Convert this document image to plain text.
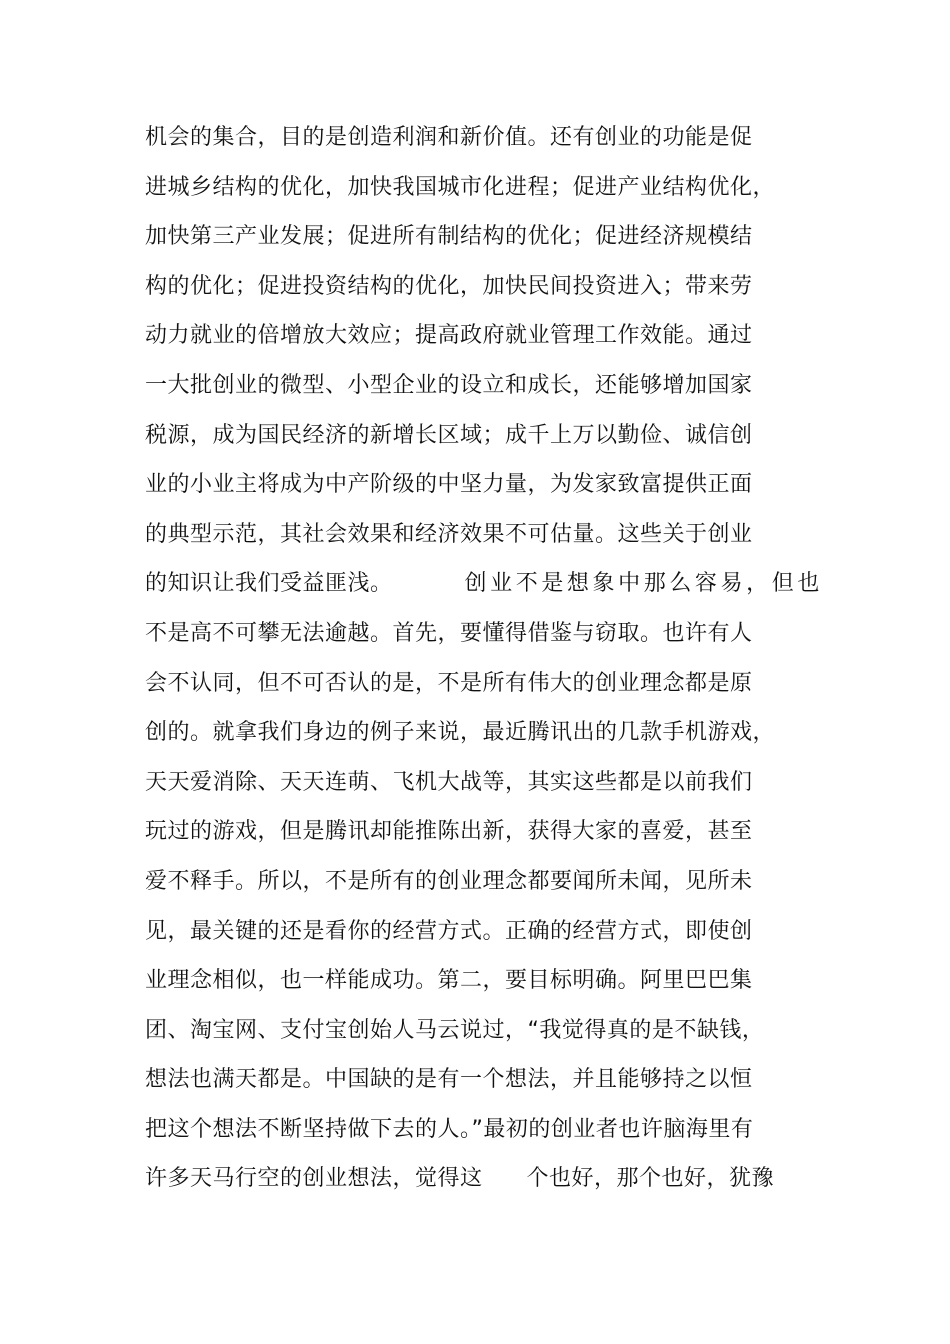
机会的集合，目的是创造利润和新价值。还有创业的功能是促
进城乡结构的优化，加快我国城市化进程；促进产业结构优化，
加快第三产业发展；促进所有制结构的优化；促进经济规模结
构的优化；促进投资结构的优化，加快民间投资进入；带来劳
动力就业的倍增放大效应；提高政府就业管理工作效能。通过
一大批创业的微型、小型企业的设立和成长，还能够增加国家
税源，成为国民经济的新增长区域；成千上万以勤俭、诚信创
业的小业主将成为中产阶级的中坚力量，为发家致富提供正面
的典型示范，其社会效果和经济效果不可估量。这些关于创业
的知识让我们受益匪浅。	创业不是想象中那么容易，但也
不是高不可攀无法逾越。首先，要懂得借鉴与窃取。也许有人
会不认同，但不可否认的是，不是所有伟大的创业理念都是原
创的。就拿我们身边的例子来说，最近腾讯出的几款手机游戏，
天天爱消除、天天连萌、飞机大战等，其实这些都是以前我们
玩过的游戏，但是腾讯却能推陈出新，获得大家的喜爱，甚至
爱不释手。所以，不是所有的创业理念都要闻所未闻，见所未
见，最关键的还是看你的经营方式。正确的经营方式，即使创
业理念相似，也一样能成功。第二，要目标明确。阿里巴巴集
团、淘宝网、支付宝创始人马云说过，“我觉得真的是不缺钱，
想法也满天都是。中国缺的是有一个想法，并且能够持之以恒
把这个想法不断坚持做下去的人。”最初的创业者也许脑海里有
许多天马行空的创业想法，觉得这 个也好，那个也好，犹豫
